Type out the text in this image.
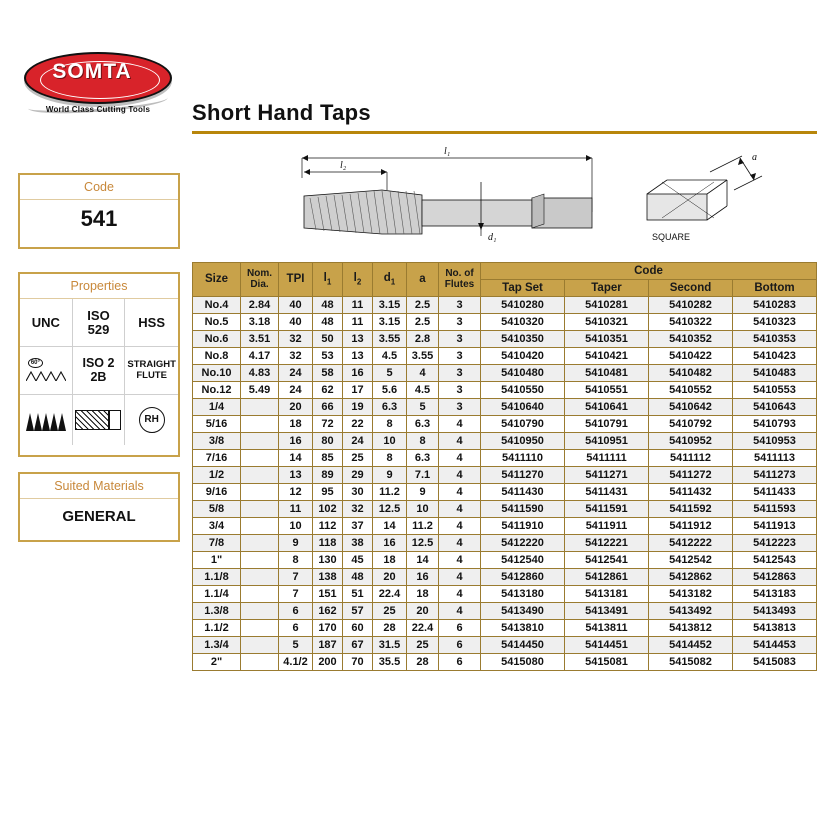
SOMTA
World Class Cutting Tools	Short Hand Taps
Code
541
Properties
UNC	ISO
529	HSS
60°	ISO 2
2B
STRAIGHT
FLUTE
RH
Suited Materials
GENERAL
l₁
l₂
d₁
a
SQUARE
Size	Nom.
Dia.	TPI	$l_1$	$l_2$	$d_1$	a	No. of
Flutes	Code			
								Tap Set	Taper	Second	Bottom
No.4	2.84	40	48	11	3.15	2.5	3	5410280	5410281	5410282	5410283
No.5	3.18	40	48	11	3.15	2.5	3	5410320	5410321	5410322	5410323
No.6	3.51	32	50	13	3.55	2.8	3	5410350	5410351	5410352	5410353
No.8	4.17	32	53	13	4.5	3.55	3	5410420	5410421	5410422	5410423
No.10	4.83	24	58	16	5	4	3	5410480	5410481	5410482	5410483
No.12	5.49	24	62	17	5.6	4.5	3	5410550	5410551	5410552	5410553
1/4		20	66	19	6.3	5	3	5410640	5410641	5410642	5410643
5/16		18	72	22	8	6.3	4	5410790	5410791	5410792	5410793
3/8		16	80	24	10	8	4	5410950	5410951	5410952	5410953
7/16		14	85	25	8	6.3	4	5411110	5411111	5411112	5411113
1/2		13	89	29	9	7.1	4	5411270	5411271	5411272	5411273
9/16		12	95	30	11.2	9	4	5411430	5411431	5411432	5411433
5/8		11	102	32	12.5	10	4	5411590	5411591	5411592	5411593
3/4		10	112	37	14	11.2	4	5411910	5411911	5411912	5411913
7/8		9	118	38	16	12.5	4	5412220	5412221	5412222	5412223
1"		8	130	45	18	14	4	5412540	5412541	5412542	5412543
1.1/8		7	138	48	20	16	4	5412860	5412861	5412862	5412863
1.1/4		7	151	51	22.4	18	4	5413180	5413181	5413182	5413183
1.3/8		6	162	57	25	20	4	5413490	5413491	5413492	5413493
1.1/2		6	170	60	28	22.4	6	5413810	5413811	5413812	5413813
1.3/4		5	187	67	31.5	25	6	5414450	5414451	5414452	5414453
2"		4.1/2	200	70	35.5	28	6	5415080	5415081	5415082	5415083
